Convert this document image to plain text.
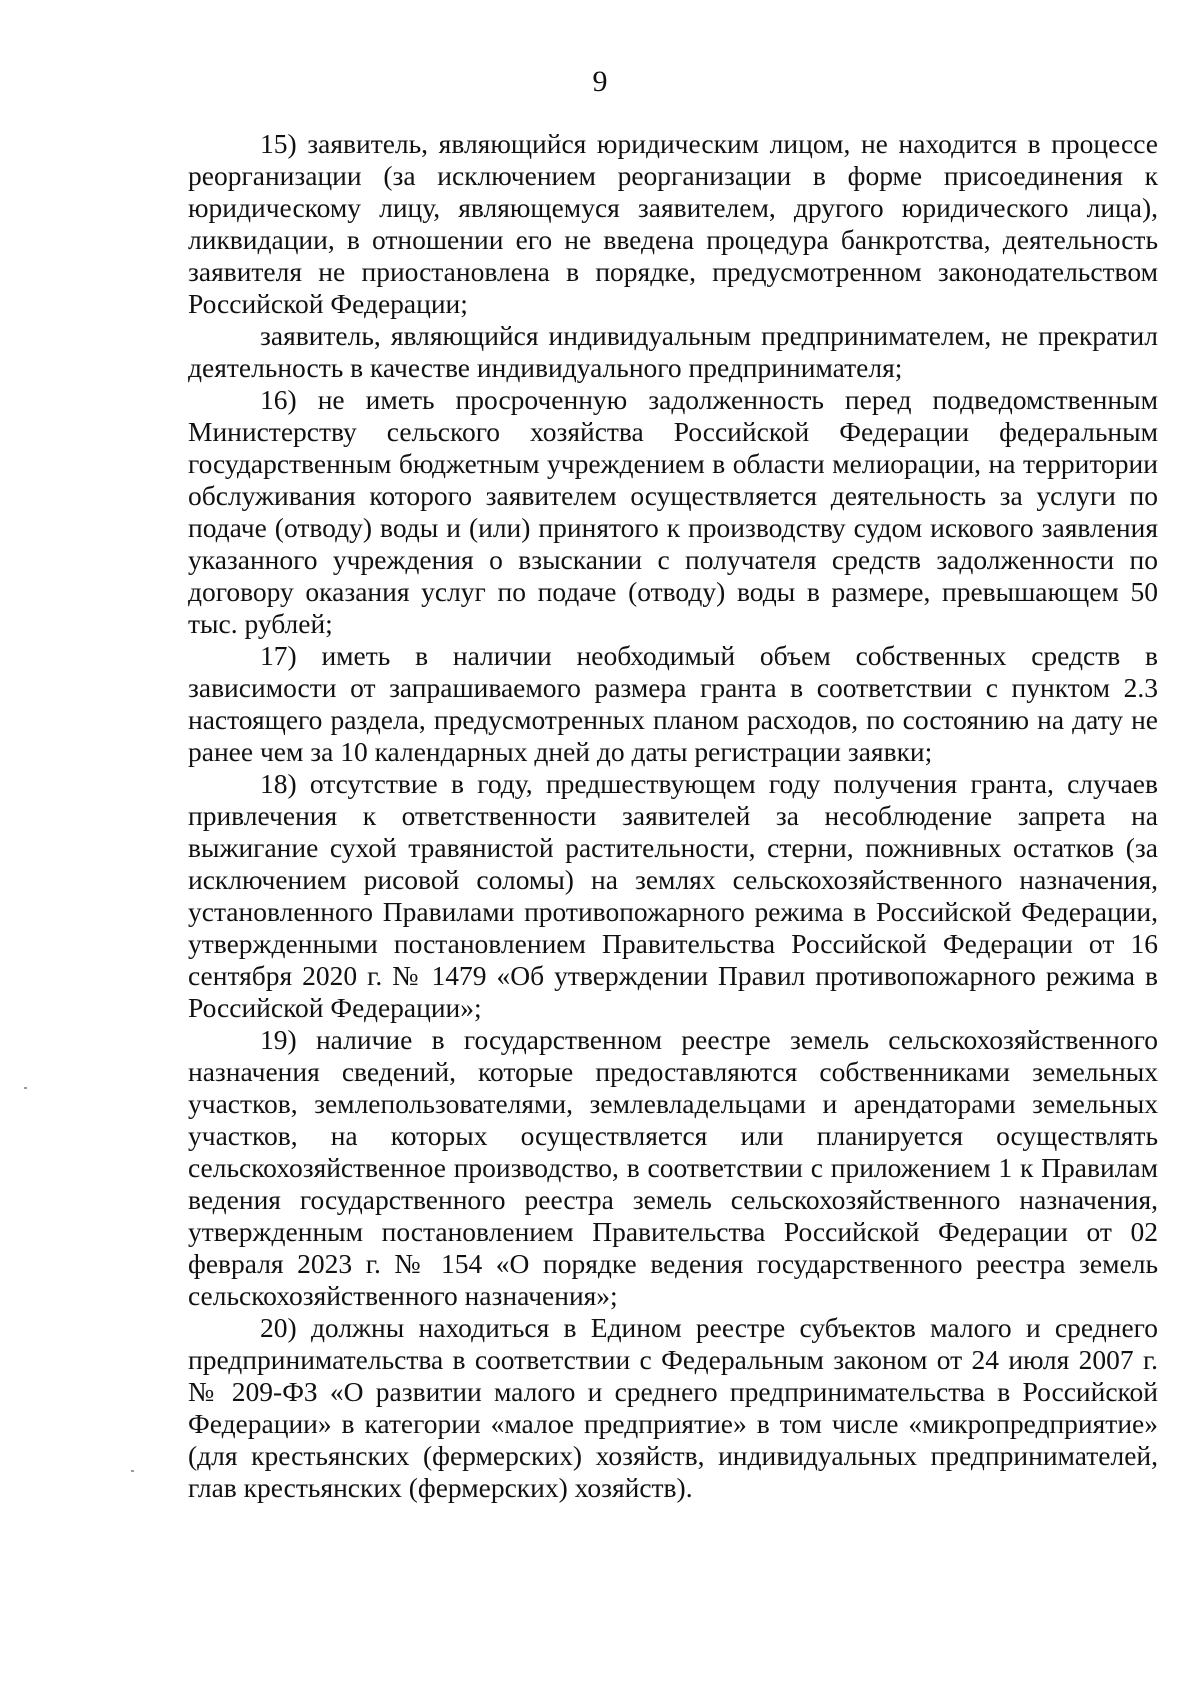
9

15) заявитель, являющийся юридическим лицом, не находится в процессе реорганизации (за исключением реорганизации в форме присоединения к юридическому лицу, являющемуся заявителем, другого юридического лица), ликвидации, в отношении его не введена процедура банкротства, деятельность заявителя не приостановлена в порядке, предусмотренном законодательством Российской Федерации;

заявитель, являющийся индивидуальным предпринимателем, не прекратил деятельность в качестве индивидуального предпринимателя;

16) не иметь просроченную задолженность перед подведомственным Министерству сельского хозяйства Российской Федерации федеральным государственным бюджетным учреждением в области мелиорации, на территории обслуживания которого заявителем осуществляется деятельность за услуги по подаче (отводу) воды и (или) принятого к производству судом искового заявления указанного учреждения о взыскании с получателя средств задолженности по договору оказания услуг по подаче (отводу) воды в размере, превышающем 50 тыс. рублей;

17) иметь в наличии необходимый объем собственных средств в зависимости от запрашиваемого размера гранта в соответствии с пунктом 2.3 настоящего раздела, предусмотренных планом расходов, по состоянию на дату не ранее чем за 10 календарных дней до даты регистрации заявки;

18) отсутствие в году, предшествующем году получения гранта, случаев привлечения к ответственности заявителей за несоблюдение запрета на выжигание сухой травянистой растительности, стерни, пожнивных остатков (за исключением рисовой соломы) на землях сельскохозяйственного назначения, установленного Правилами противопожарного режима в Российской Федерации, утвержденными постановлением Правительства Российской Федерации от 16 сентября 2020 г. № 1479 «Об утверждении Правил противопожарного режима в Российской Федерации»;

19) наличие в государственном реестре земель сельскохозяйственного назначения сведений, которые предоставляются собственниками земельных участков, землепользователями, землевладельцами и арендаторами земельных участков, на которых осуществляется или планируется осуществлять сельскохозяйственное производство, в соответствии с приложением 1 к Правилам ведения государственного реестра земель сельскохозяйственного назначения, утвержденным постановлением Правительства Российской Федерации от 02 февраля 2023 г. № 154 «О порядке ведения государственного реестра земель сельскохозяйственного назначения»;

20) должны находиться в Едином реестре субъектов малого и среднего предпринимательства в соответствии с Федеральным законом от 24 июля 2007 г. № 209-ФЗ «О развитии малого и среднего предпринимательства в Российской Федерации» в категории «малое предприятие» в том числе «микропредприятие» (для крестьянских (фермерских) хозяйств, индивидуальных предпринимателей, глав крестьянских (фермерских) хозяйств).
